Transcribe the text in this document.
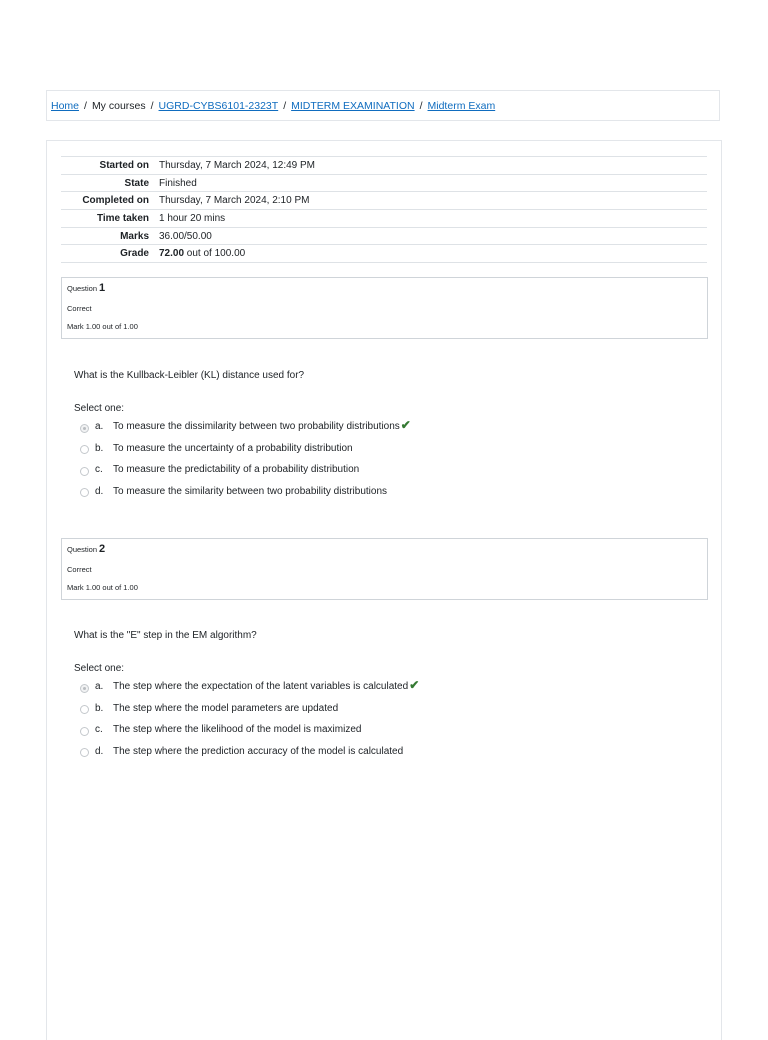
Home / My courses / UGRD-CYBS6101-2323T / MIDTERM EXAMINATION / Midterm Exam
Started on	Thursday, 7 March 2024, 12:49 PM
State	Finished
Completed on	Thursday, 7 March 2024, 2:10 PM
Time taken	1 hour 20 mins
Marks	36.00/50.00
Grade	72.00 out of 100.00
Question 1
Correct
Mark 1.00 out of 1.00
What is the Kullback-Leibler (KL) distance used for?
Select one:
a. To measure the dissimilarity between two probability distributions ✔
b. To measure the uncertainty of a probability distribution
c.	To measure the predictability of a probability distribution
d. To measure the similarity between two probability distributions
Question 2
Correct
Mark 1.00 out of 1.00
What is the "E" step in the EM algorithm?
Select one:
a. The step where the expectation of the latent variables is calculated ✔
b. The step where the model parameters are updated
c.	The step where the likelihood of the model is maximized
d. The step where the prediction accuracy of the model is calculated
